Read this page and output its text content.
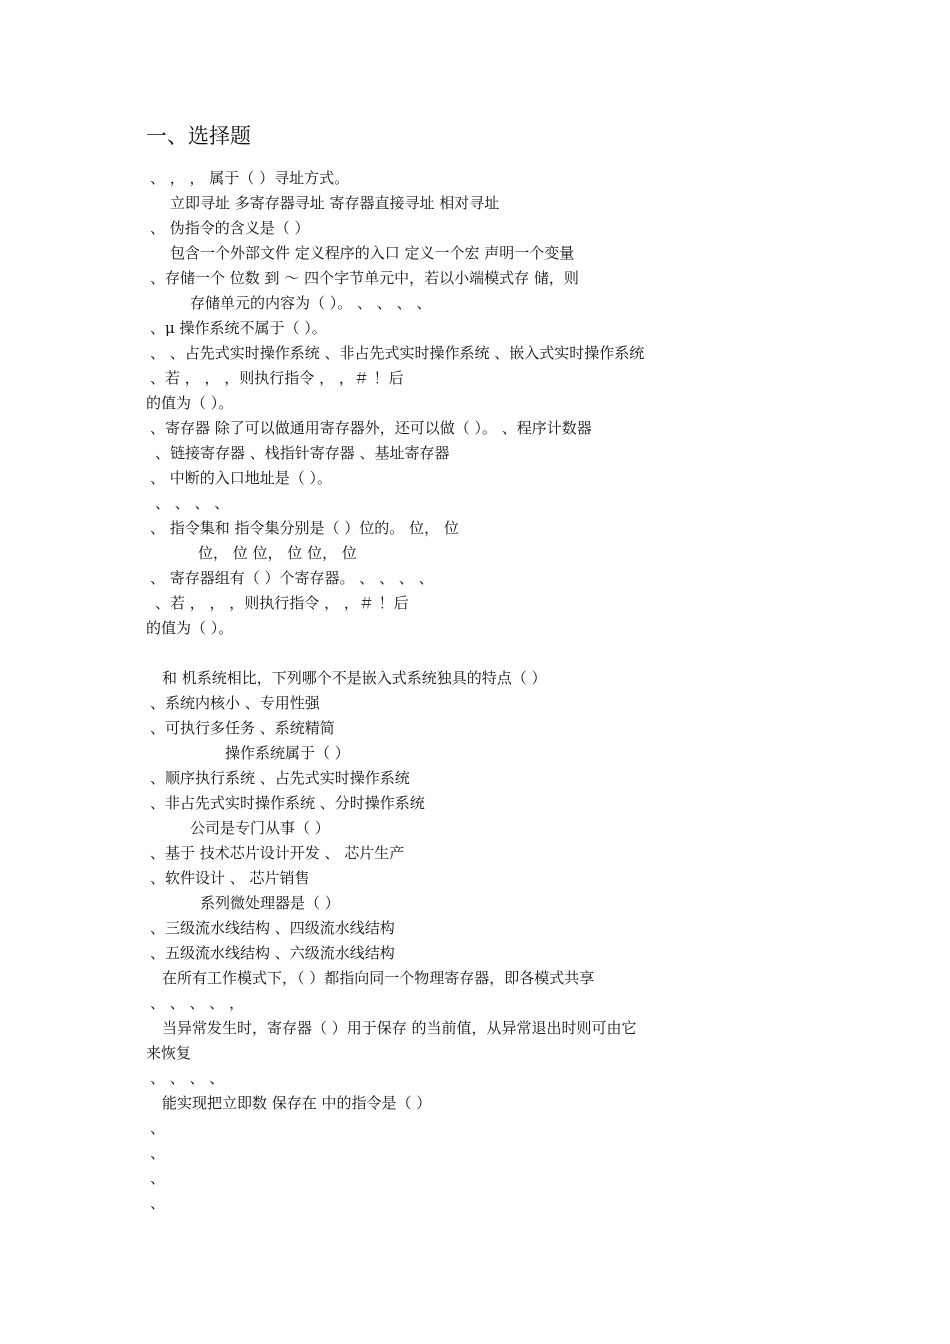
一、选择题
、 ， ， 属于（ ）寻址方式。
立即寻址 多寄存器寻址 寄存器直接寻址 相对寻址
、 伪指令的含义是（ ）
包含一个外部文件 定义程序的入口 定义一个宏 声明一个变量
、存储一个 位数 到 ～ 四个字节单元中，若以小端模式存 储，则
存储单元的内容为（ ）。 、 、 、 、
、μ 操作系统不属于（ ）。
、 、占先式实时操作系统 、非占先式实时操作系统 、嵌入式实时操作系统
、若 ， ， ，则执行指令 ， ，＃ ！后
的值为（ ）。
、寄存器 除了可以做通用寄存器外，还可以做（ ）。 、程序计数器
、链接寄存器 、栈指针寄存器 、基址寄存器
、 中断的入口地址是（ ）。
、 、 、 、
、 指令集和 指令集分别是（ ）位的。 位， 位
位， 位 位， 位 位， 位
、 寄存器组有（ ）个寄存器。 、 、 、 、
、若 ， ， ，则执行指令 ， ，＃ ！后
的值为（ ）。
和 机系统相比，下列哪个不是嵌入式系统独具的特点（ ）
、系统内核小 、专用性强
、可执行多任务 、系统精简
操作系统属于（ ）
、顺序执行系统 、占先式实时操作系统
、非占先式实时操作系统 、分时操作系统
公司是专门从事（ ）
、基于 技术芯片设计开发 、 芯片生产
、软件设计 、 芯片销售
系列微处理器是（ ）
、三级流水线结构 、四级流水线结构
、五级流水线结构 、六级流水线结构
在所有工作模式下，（ ）都指向同一个物理寄存器，即各模式共享
、 、 、 、 ，
当异常发生时，寄存器（ ）用于保存 的当前值，从异常退出时则可由它
来恢复
、 、 、 、
能实现把立即数 保存在 中的指令是（ ）
、
、
、
、
